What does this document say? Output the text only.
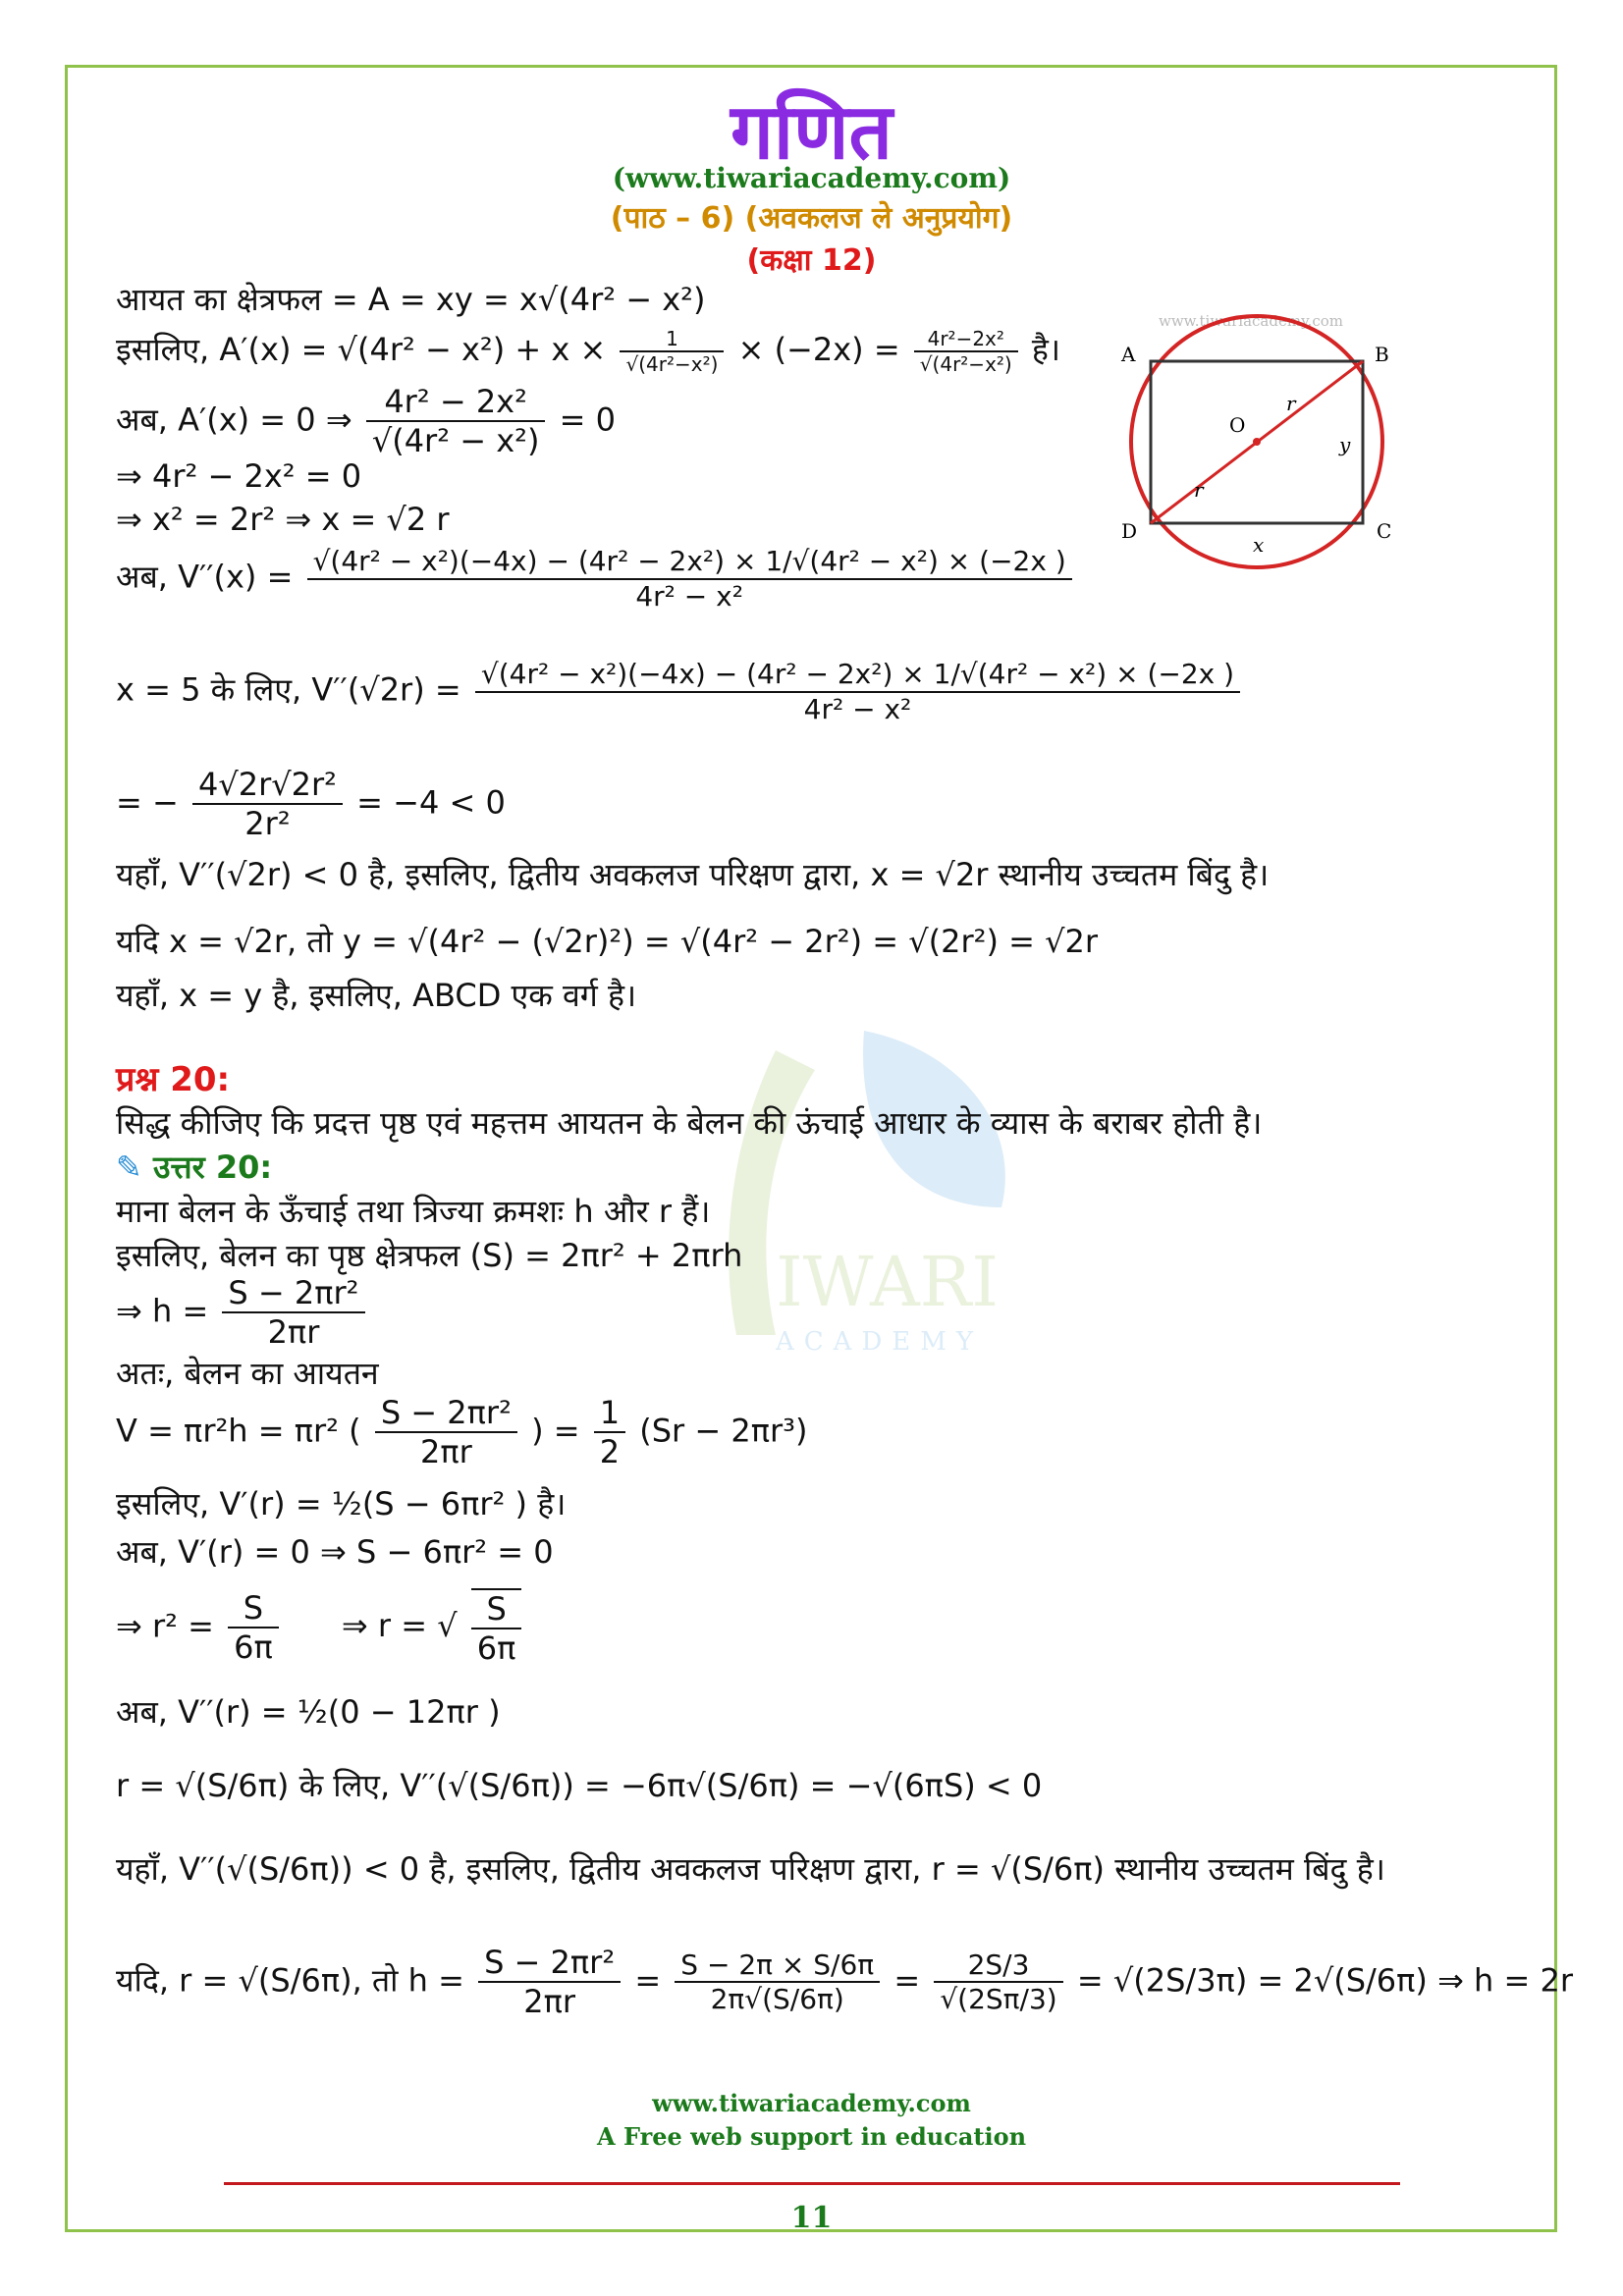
गणित
(www.tiwariacademy.com)
(पाठ – 6) (अवकलज ले अनुप्रयोग)
(कक्षा 12)
IWARI
ACADEMY
www.tiwariacademy.com
A	B
C
D
O
r
r
x
y
आयत का क्षेत्रफल = A = xy = x√(4r² − x²)
इसलिए, $A'(x) = √(4r^2 - x^2) + x \times \frac{1}{\text{√(4r²−x²)}} \times (-2x) = \frac{\text{4r²−2x²}}{\text{√(4r²−x²)}}$ है।
अब, A′(x) = 0 ⇒ $\frac{\text{4r² − 2x²}}{\text{√(4r² − x²)}} = 0$
⇒ 4r² − 2x² = 0
⇒ x² = 2r² ⇒ x = √2 r
अब, $V''(x) = \frac{\text{√(4r² − x²)(−4x) − (4r² − 2x²) × 1/√(4r² − x²) × (−2x )}}{\text{4r² − x²}}$
x = 5 के लिए, $V''(√2r) = \frac{\text{√(4r² − x²)(−4x) − (4r² − 2x²) × 1/√(4r² − x²) × (−2x )}}{\text{4r² − x²}}$
= − $\frac{\text{4√2r√2r²}}{\text{2r²}} = -4 < 0$
यहाँ, V′′(√2r) < 0 है, इसलिए, द्वितीय अवकलज परिक्षण द्वारा, x = √2r स्थानीय उच्चतम बिंदु है।
यदि x = √2r, तो y = √(4r² − (√2r)²) = √(4r² − 2r²) = √(2r²) = √2r
यहाँ, x = y है, इसलिए, ABCD एक वर्ग है।
प्रश्न 20:
सिद्ध कीजिए कि प्रदत्त पृष्ठ एवं महत्तम आयतन के बेलन की ऊंचाई आधार के व्यास के बराबर होती है।
✎ उत्तर 20:
माना बेलन के ऊँचाई तथा त्रिज्या क्रमशः h और r हैं।
इसलिए, बेलन का पृष्ठ क्षेत्रफल (S) = 2πr² + 2πrh
⇒ $h = \frac{\text{S − 2πr²}}{2\pi r}$
अतः, बेलन का आयतन
V = πr²h = πr² ( $\frac{\text{S − 2πr²}}{2\pi r}$ ) = $\frac{1}{2} (Sr - 2\pi r^3)$
इसलिए, V′(r) = ½(S − 6πr² ) है।
अब, V′(r) = 0 ⇒ S − 6πr² = 0
⇒ $r^2 = \frac{S}{6\pi}$ ⇒ r = √ $\frac{S}{6\pi}$
अब, V′′(r) = ½(0 − 12πr )
r = √(S/6π) के लिए, V′′(√(S/6π)) = −6π√(S/6π) = −√(6πS) < 0
यहाँ, V′′(√(S/6π)) < 0 है, इसलिए, द्वितीय अवकलज परिक्षण द्वारा, r = √(S/6π) स्थानीय उच्चतम बिंदु है।
यदि, r = √(S/6π), तो $h = \frac{\text{S − 2πr²}}{2\pi r} = \frac{S - 2\pi \times S/6\pi}{2\pi√(S/6\pi)} = \frac{2S/3}{√(2S\pi/3)} = √(2S/3\pi) = 2√(S/6\pi)$ ⇒ h = 2r
www.tiwariacademy.com
A Free web support in education
11
